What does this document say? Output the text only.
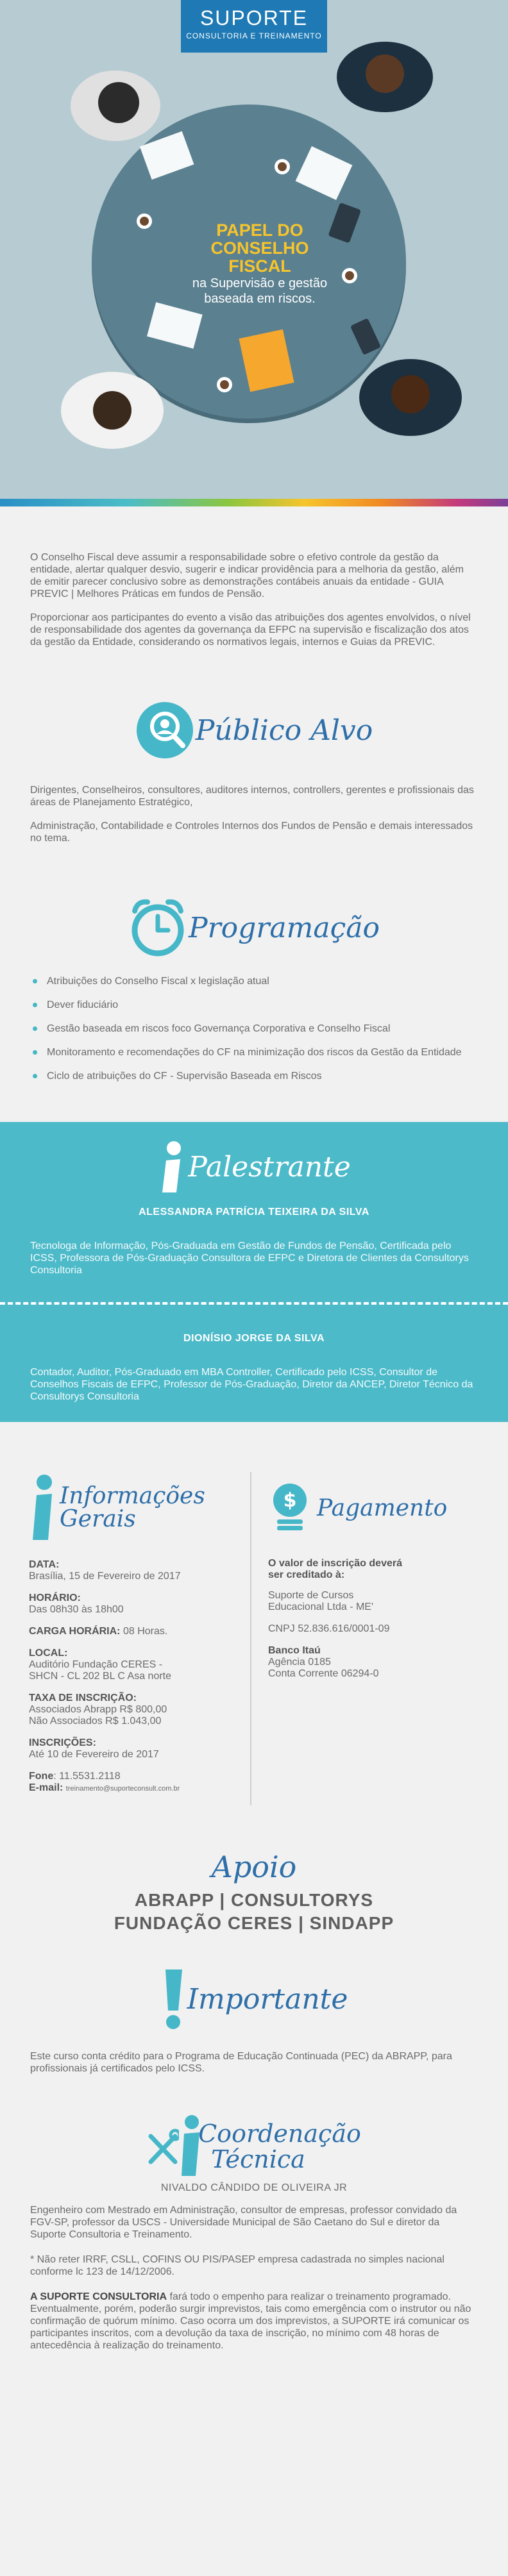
SUPORTE
CONSULTORIA E TREINAMENTO
PAPEL DO
CONSELHO
FISCAL
na Supervisão e gestão
baseada em riscos.

O Conselho Fiscal deve assumir a responsabilidade sobre o efetivo controle da gestão da entidade, alertar qualquer desvio, sugerir e indicar providência para a melhoria da gestão, além de emitir parecer conclusivo sobre as demonstrações contábeis anuais da entidade - GUIA PREVIC | Melhores Práticas em fundos de Pensão.

Proporcionar aos participantes do evento a visão das atribuições dos agentes envolvidos, o nível de responsabilidade dos agentes da governança da EFPC na supervisão e fiscalização dos atos da gestão da Entidade, considerando os normativos legais, internos e Guias da PREVIC.

Público Alvo

Dirigentes, Conselheiros, consultores, auditores internos, controllers, gerentes e profissionais das áreas de Planejamento Estratégico,

Administração, Contabilidade e Controles Internos dos Fundos de Pensão e demais interessados no tema.

Programação
Atribuições do Conselho Fiscal x legislação atual
Dever fiduciário
Gestão baseada em riscos foco Governança Corporativa e Conselho Fiscal
Monitoramento e recomendações do CF na minimização dos riscos da Gestão da Entidade
Ciclo de atribuições do CF - Supervisão Baseada em Riscos
Palestrante
ALESSANDRA PATRÍCIA TEIXEIRA DA SILVA

Tecnologa de Informação, Pós-Graduada em Gestão de Fundos de Pensão, Certificada pelo ICSS, Professora de Pós-Graduação Consultora de EFPC e Diretora de Clientes da Consultorys Consultoria

DIONÍSIO JORGE DA SILVA

Contador, Auditor, Pós-Graduado em MBA Controller, Certificado pelo ICSS, Consultor de Conselhos Fiscais de EFPC, Professor de Pós-Graduação, Diretor da ANCEP, Diretor Técnico da Consultorys Consultoria

Informações
Gerais
DATA:
Brasília, 15 de Fevereiro de 2017
HORÁRIO:
Das 08h30 às 18h00
CARGA HORÁRIA: 08 Horas.
LOCAL:
Auditório Fundação CERES -
SHCN - CL 202 BL C Asa norte
TAXA DE INSCRIÇÃO:
Associados Abrapp R$ 800,00
Não Associados R$ 1.043,00
INSCRIÇÕES:
Até 10 de Fevereiro de 2017
Fone: 11.5531.2118
E-mail: treinamento@suporteconsult.com.br
$ Pagamento
O valor de inscrição deverá
ser creditado à:
Suporte de Cursos
Educacional Ltda - ME'
CNPJ 52.836.616/0001-09
Banco Itaú
Agência 0185
Conta Corrente 06294-0
Apoio
ABRAPP | CONSULTORYS
FUNDAÇÃO CERES | SINDAPP
Importante

Este curso conta crédito para o Programa de Educação Continuada (PEC) da ABRAPP, para profissionais já certificados pelo ICSS.

Coordenação
Técnica
NIVALDO CÂNDIDO DE OLIVEIRA JR

Engenheiro com Mestrado em Administração, consultor de empresas, professor convidado da FGV-SP, professor da USCS - Universidade Municipal de São Caetano do Sul e diretor da Suporte Consultoria e Treinamento.

* Não reter IRRF, CSLL, COFINS OU PIS/PASEP empresa cadastrada no simples nacional conforme lc 123 de 14/12/2006.

A SUPORTE CONSULTORIA fará todo o empenho para realizar o treinamento programado. Eventualmente, porém, poderão surgir imprevistos, tais como emergência com o instrutor ou não confirmação de quórum mínimo. Caso ocorra um dos imprevistos, a SUPORTE irá comunicar os participantes inscritos, com a devolução da taxa de inscrição, no mínimo com 48 horas de antecedência à realização do treinamento.
